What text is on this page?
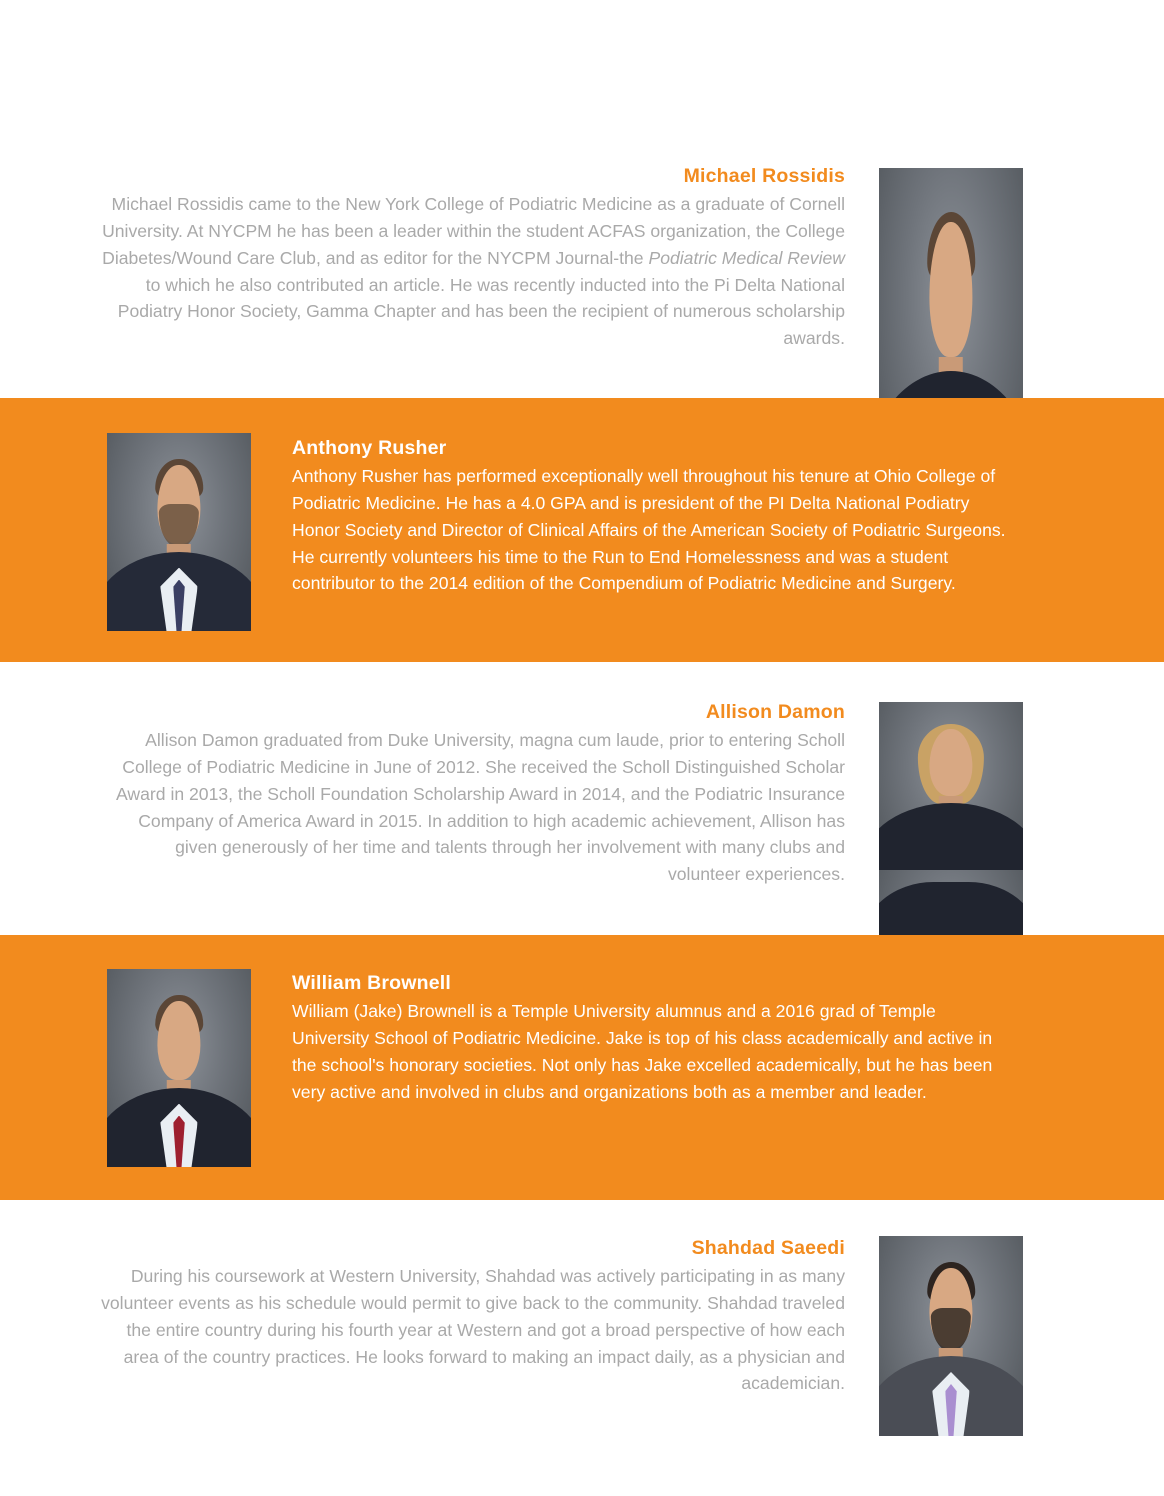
Michael Rossidis

Michael Rossidis came to the New York College of Podiatric Medicine as a graduate of Cornell University. At NYCPM he has been a leader within the student ACFAS organization, the College Diabetes/Wound Care Club, and as editor for the NYCPM Journal-the Podiatric Medical Review to which he also contributed an article. He was recently inducted into the Pi Delta National Podiatry Honor Society, Gamma Chapter and has been the recipient of numerous scholarship awards.

Anthony Rusher

Anthony Rusher has performed exceptionally well throughout his tenure at Ohio College of Podiatric Medicine. He has a 4.0 GPA and is president of the PI Delta National Podiatry Honor Society and Director of Clinical Affairs of the American Society of Podiatric Surgeons. He currently volunteers his time to the Run to End Homelessness and was a student contributor to the 2014 edition of the Compendium of Podiatric Medicine and Surgery.

Allison Damon

Allison Damon graduated from Duke University, magna cum laude, prior to entering Scholl College of Podiatric Medicine in June of 2012. She received the Scholl Distinguished Scholar Award in 2013, the Scholl Foundation Scholarship Award in 2014, and the Podiatric Insurance Company of America Award in 2015. In addition to high academic achievement, Allison has given generously of her time and talents through her involvement with many clubs and volunteer experiences.

William Brownell

William (Jake) Brownell is a Temple University alumnus and a 2016 grad of Temple University School of Podiatric Medicine. Jake is top of his class academically and active in the school's honorary societies. Not only has Jake excelled academically, but he has been very active and involved in clubs and organizations both as a member and leader.

Shahdad Saeedi

During his coursework at Western University, Shahdad was actively participating in as many volunteer events as his schedule would permit to give back to the community. Shahdad traveled the entire country during his fourth year at Western and got a broad perspective of how each area of the country practices. He looks forward to making an impact daily, as a physician and academician.
